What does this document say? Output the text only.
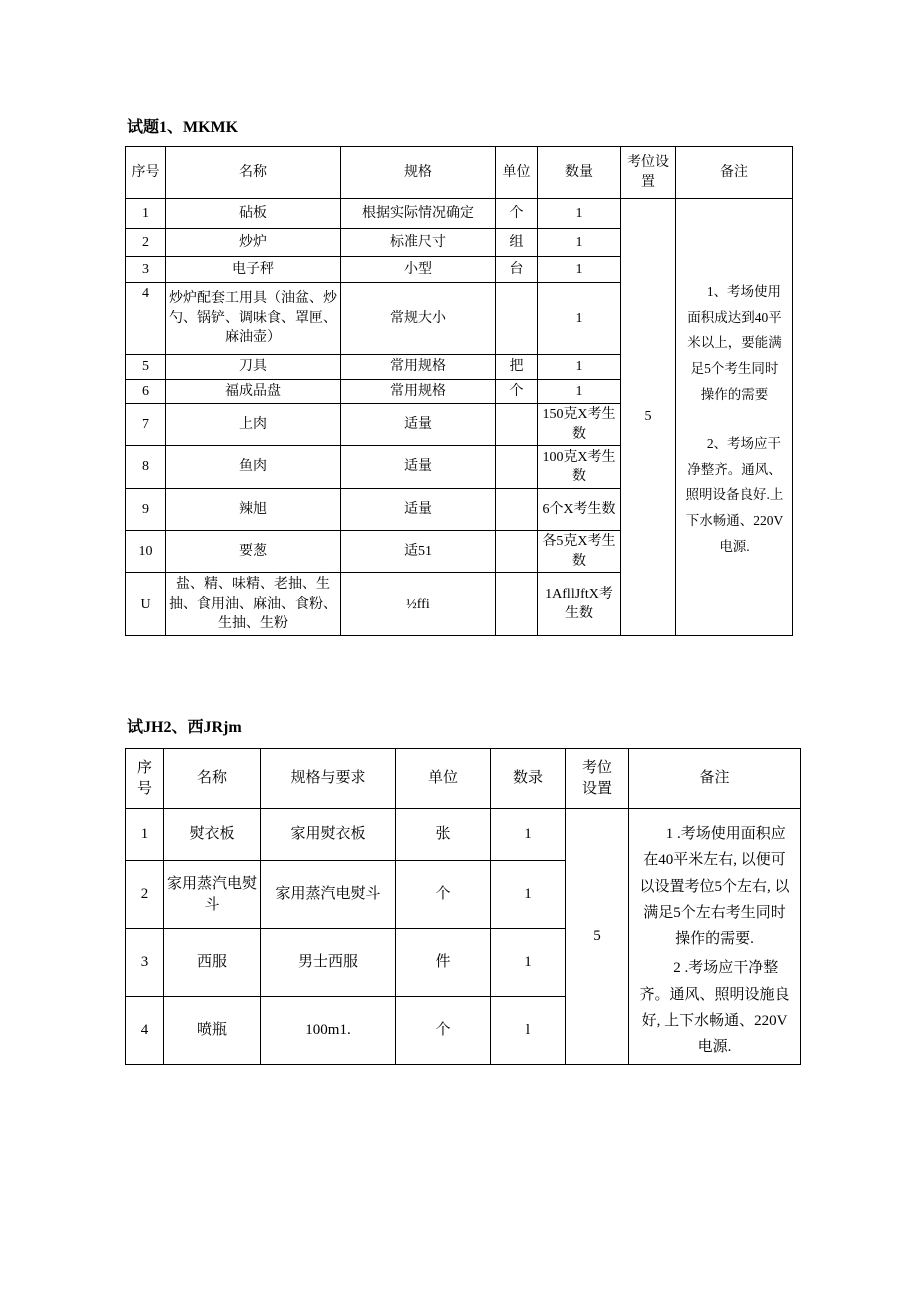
试题1、MKMK
序号	名称	规格	单位	数量	考位设置	备注
1	砧板	根据实际情况确定	个	1	5	1、考场使用面积成达到40平米以上，要能满足5个考生同时操作的需要

2、考场应干净整齐。通风、照明设备良好.上下水畅通、220V电源.

2	炒炉	标准尺寸	组	1		
3	电子秤	小型	台	1		
4	炒炉配套工用具（油盆、炒勺、锅铲、调味食、罩匣、麻油壶）	常规大小		1		
5	刀具	常用规格	把	1		
6	福成品盘	常用规格	个	1		
7	上肉	适量		150克X考生数		
8	鱼肉	适量		100克X考生数		
9	辣旭	适量		6个X考生数		
10	要葱	适51		各5克X考生数		
U	盐、精、味精、老抽、生抽、食用油、麻油、食粉、生抽、生粉	½ffi		1AfllJftX考生数		
试JH2、西JRjm
序号	名称	规格与要求	单位	数录	考位设置	备注
1	熨衣板	家用熨衣板	张	1	5	1 .考场使用面积应在40平米左右, 以便可以设置考位5个左右, 以满足5个左右考生同时操作的需要.

2 .考场应干净整齐。通风、照明设施良好, 上下水畅通、220V电源.

2	家用蒸汽电熨斗	家用蒸汽电熨斗	个	1		
3	西服	男士西服	件	1		
4	喷瓶	100m1.	个	l		
